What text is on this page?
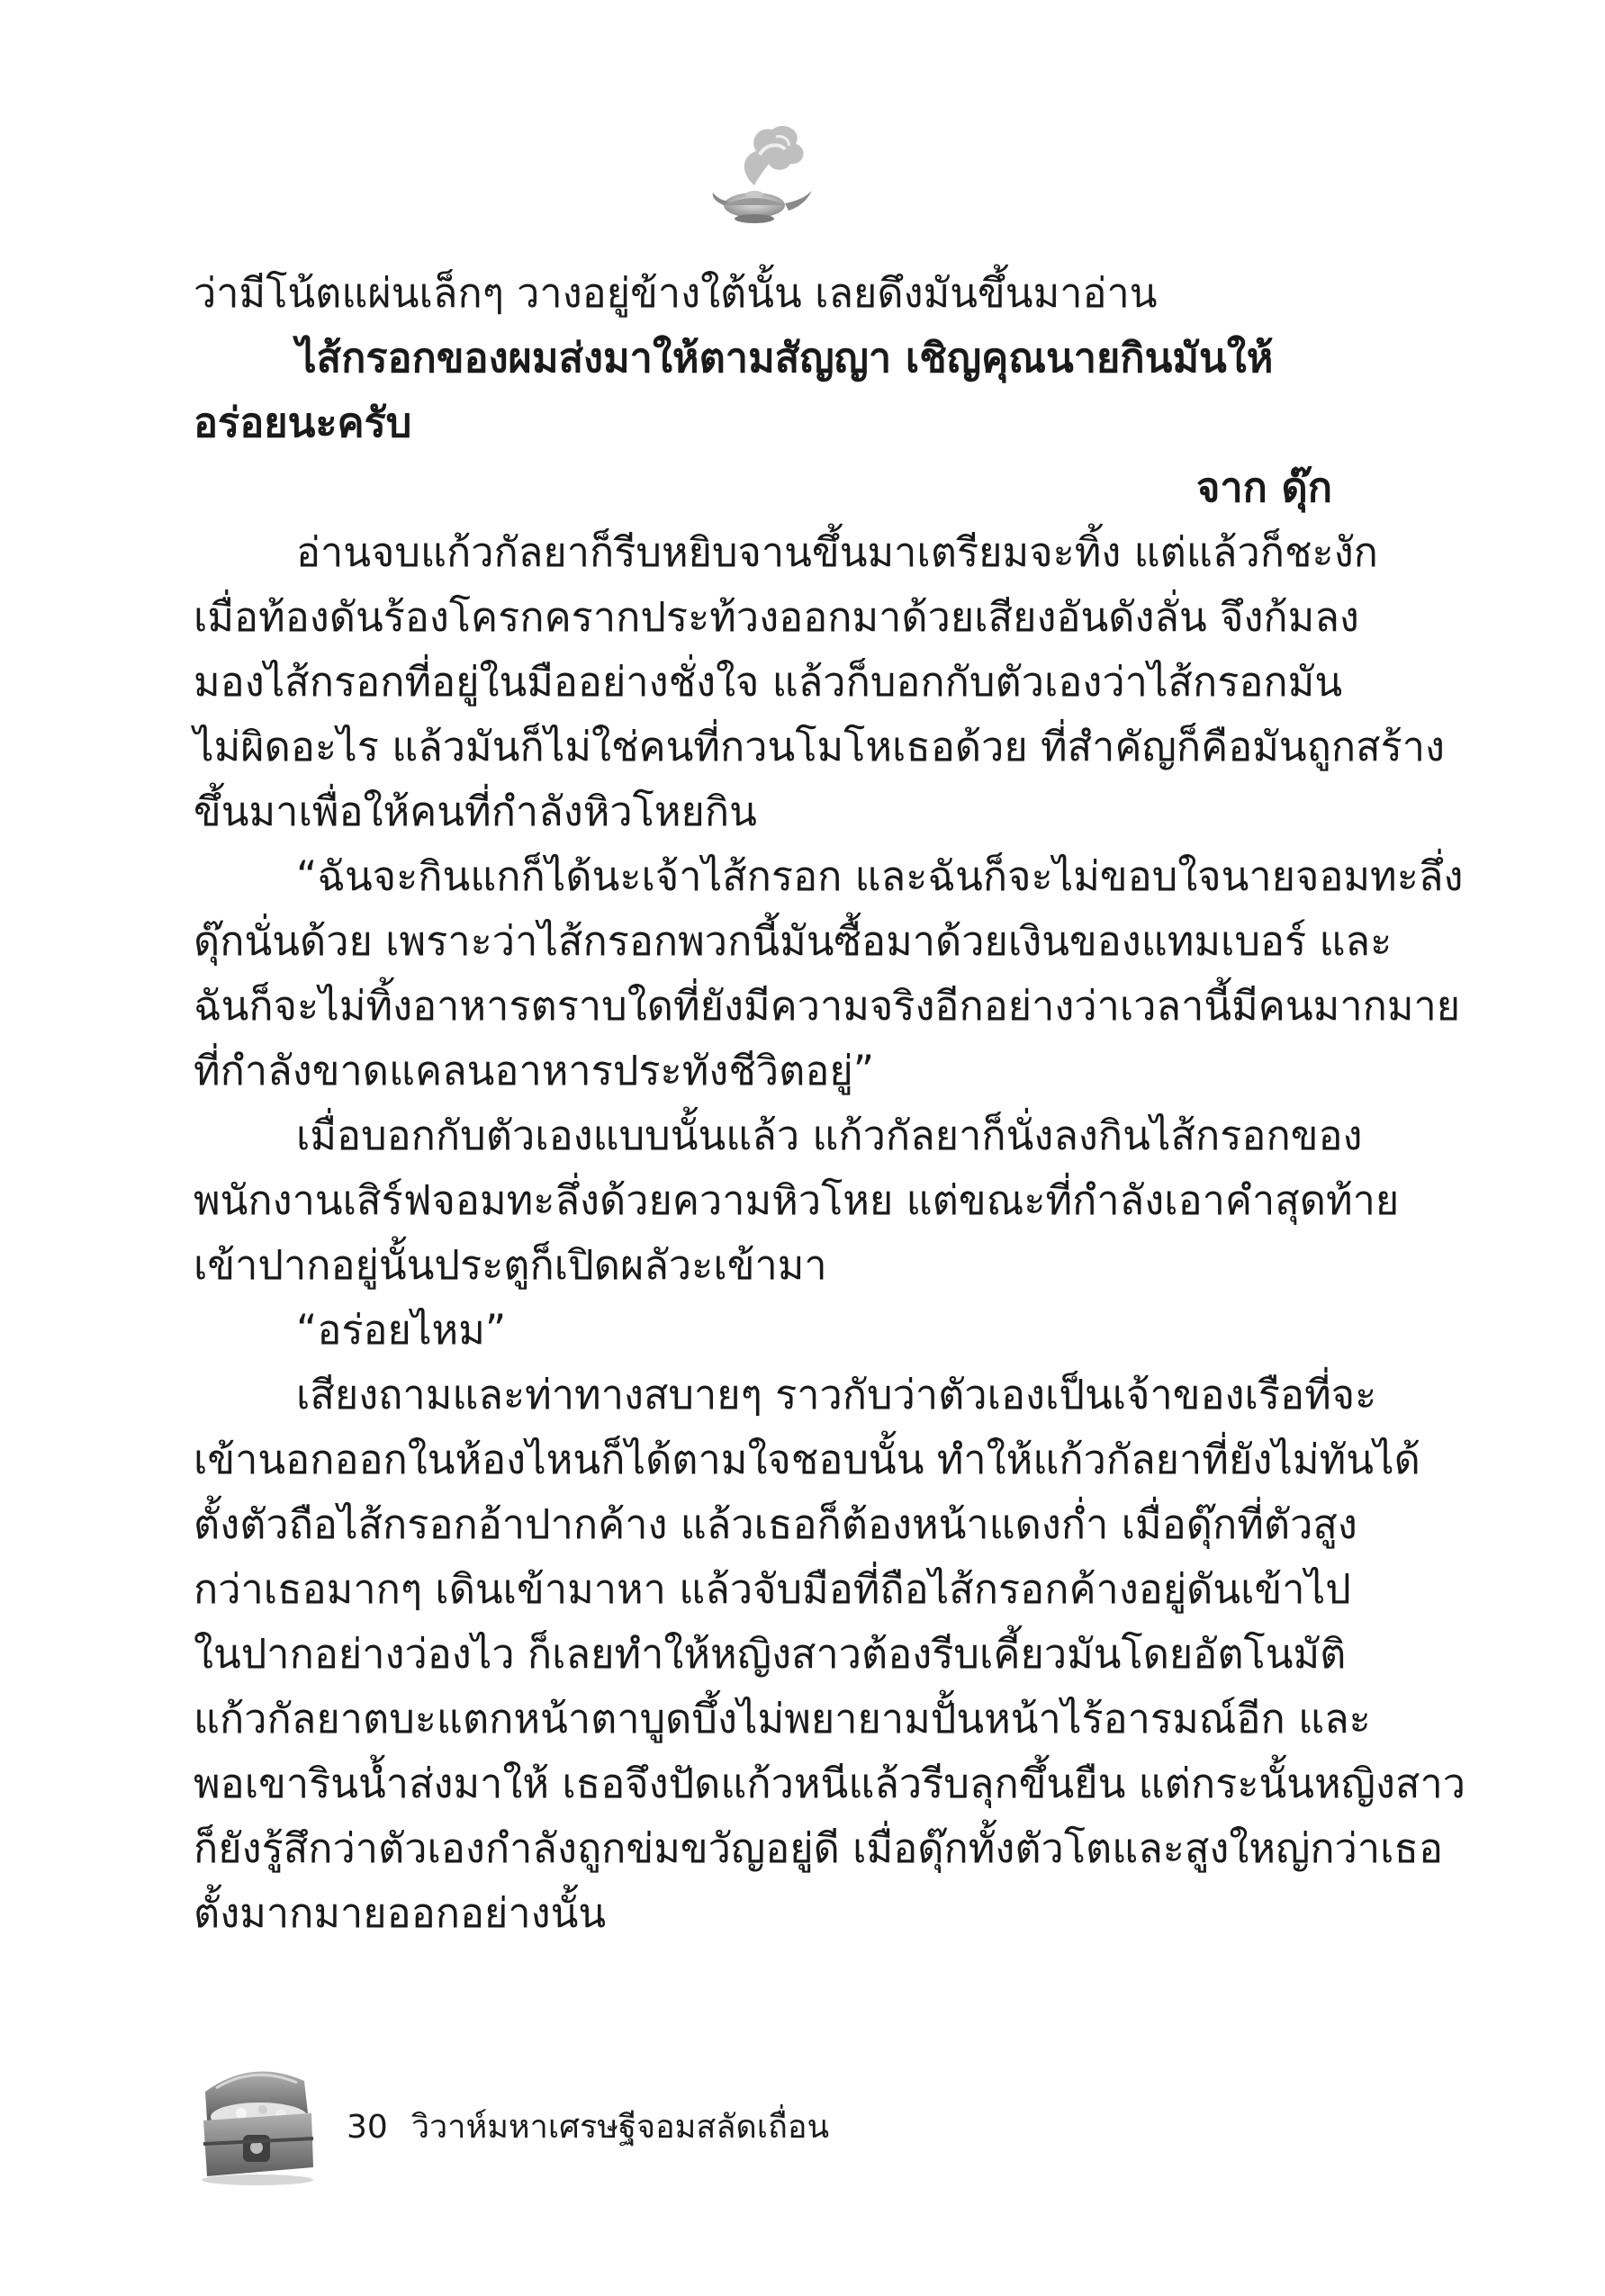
ว่ามีโน้ตแผ่นเล็กๆ วางอยู่ข้างใต้นั้น เลยดึงมันขึ้นมาอ่าน
ไส้กรอกของผมส่งมาให้ตามสัญญา เชิญคุณนายกินมันให้
อร่อยนะครับ
จาก ดุ๊ก
อ่านจบแก้วกัลยาก็รีบหยิบจานขึ้นมาเตรียมจะทิ้ง แต่แล้วก็ชะงัก
เมื่อท้องดันร้องโครกครากประท้วงออกมาด้วยเสียงอันดังลั่น จึงก้มลง
มองไส้กรอกที่อยู่ในมืออย่างชั่งใจ แล้วก็บอกกับตัวเองว่าไส้กรอกมัน
ไม่ผิดอะไร แล้วมันก็ไม่ใช่คนที่กวนโมโหเธอด้วย ที่สำคัญก็คือมันถูกสร้าง
ขึ้นมาเพื่อให้คนที่กำลังหิวโหยกิน
“ฉันจะกินแกก็ได้นะเจ้าไส้กรอก และฉันก็จะไม่ขอบใจนายจอมทะลึ่ง
ดุ๊กนั่นด้วย เพราะว่าไส้กรอกพวกนี้มันซื้อมาด้วยเงินของแทมเบอร์ และ
ฉันก็จะไม่ทิ้งอาหารตราบใดที่ยังมีความจริงอีกอย่างว่าเวลานี้มีคนมากมาย
ที่กำลังขาดแคลนอาหารประทังชีวิตอยู่”
เมื่อบอกกับตัวเองแบบนั้นแล้ว แก้วกัลยาก็นั่งลงกินไส้กรอกของ
พนักงานเสิร์ฟจอมทะลึ่งด้วยความหิวโหย แต่ขณะที่กำลังเอาคำสุดท้าย
เข้าปากอยู่นั้นประตูก็เปิดผลัวะเข้ามา
“อร่อยไหม”
เสียงถามและท่าทางสบายๆ ราวกับว่าตัวเองเป็นเจ้าของเรือที่จะ
เข้านอกออกในห้องไหนก็ได้ตามใจชอบนั้น ทำให้แก้วกัลยาที่ยังไม่ทันได้
ตั้งตัวถือไส้กรอกอ้าปากค้าง แล้วเธอก็ต้องหน้าแดงก่ำ เมื่อดุ๊กที่ตัวสูง
กว่าเธอมากๆ เดินเข้ามาหา แล้วจับมือที่ถือไส้กรอกค้างอยู่ดันเข้าไป
ในปากอย่างว่องไว ก็เลยทำให้หญิงสาวต้องรีบเคี้ยวมันโดยอัตโนมัติ
แก้วกัลยาตบะแตกหน้าตาบูดบึ้งไม่พยายามปั้นหน้าไร้อารมณ์อีก และ
พอเขารินน้ำส่งมาให้ เธอจึงปัดแก้วหนีแล้วรีบลุกขึ้นยืน แต่กระนั้นหญิงสาว
ก็ยังรู้สึกว่าตัวเองกำลังถูกข่มขวัญอยู่ดี เมื่อดุ๊กทั้งตัวโตและสูงใหญ่กว่าเธอ
ตั้งมากมายออกอย่างนั้น
30 วิวาห์มหาเศรษฐีจอมสลัดเถื่อน
